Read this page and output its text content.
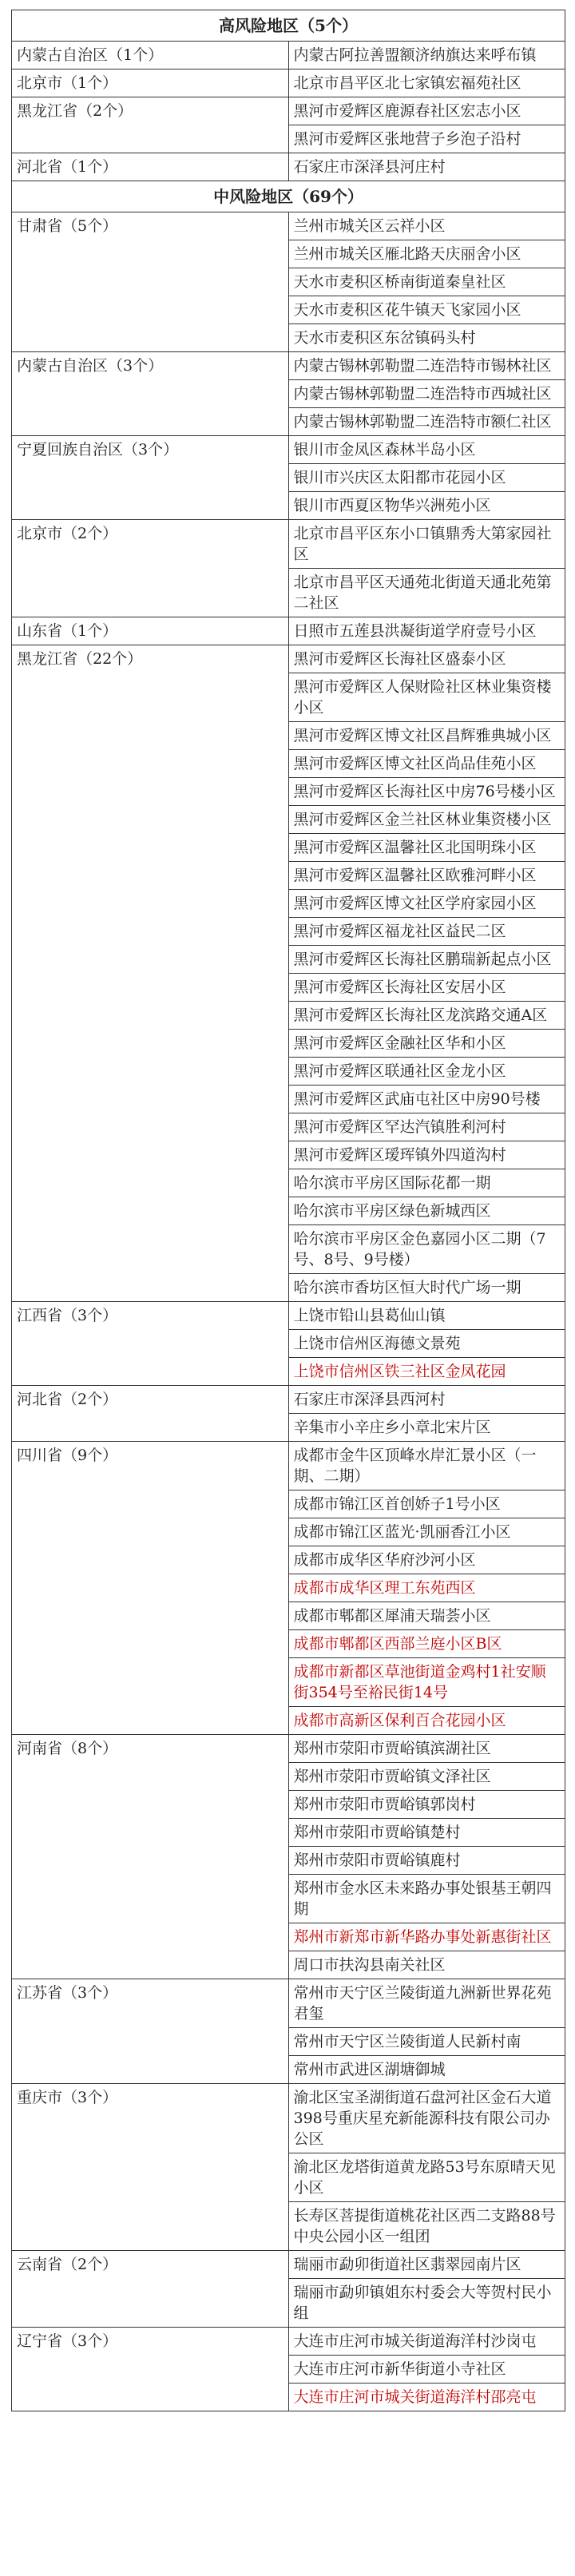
高风险地区（5个）	
内蒙古自治区（1个）	内蒙古阿拉善盟额济纳旗达来呼布镇
北京市（1个）	北京市昌平区北七家镇宏福苑社区
黑龙江省（2个）	黑河市爱辉区鹿源春社区宏志小区
	黑河市爱辉区张地营子乡泡子沿村
河北省（1个）	石家庄市深泽县河庄村
中风险地区（69个）	
甘肃省（5个）	兰州市城关区云祥小区
	兰州市城关区雁北路天庆丽舍小区
	天水市麦积区桥南街道秦皇社区
	天水市麦积区花牛镇天飞家园小区
	天水市麦积区东岔镇码头村
内蒙古自治区（3个）	内蒙古锡林郭勒盟二连浩特市锡林社区
	内蒙古锡林郭勒盟二连浩特市西城社区
	内蒙古锡林郭勒盟二连浩特市额仁社区
宁夏回族自治区（3个）	银川市金凤区森林半岛小区
	银川市兴庆区太阳都市花园小区
	银川市西夏区物华兴洲苑小区
北京市（2个）	北京市昌平区东小口镇鼎秀大第家园社区
	北京市昌平区天通苑北街道天通北苑第二社区
山东省（1个）	日照市五莲县洪凝街道学府壹号小区
黑龙江省（22个）	黑河市爱辉区长海社区盛泰小区
	黑河市爱辉区人保财险社区林业集资楼小区
	黑河市爱辉区博文社区昌辉雅典城小区
	黑河市爱辉区博文社区尚品佳苑小区
	黑河市爱辉区长海社区中房76号楼小区
	黑河市爱辉区金兰社区林业集资楼小区
	黑河市爱辉区温馨社区北国明珠小区
	黑河市爱辉区温馨社区欧雅河畔小区
	黑河市爱辉区博文社区学府家园小区
	黑河市爱辉区福龙社区益民二区
	黑河市爱辉区长海社区鹏瑞新起点小区
	黑河市爱辉区长海社区安居小区
	黑河市爱辉区长海社区龙滨路交通A区
	黑河市爱辉区金融社区华和小区
	黑河市爱辉区联通社区金龙小区
	黑河市爱辉区武庙屯社区中房90号楼
	黑河市爱辉区罕达汽镇胜利河村
	黑河市爱辉区瑷珲镇外四道沟村
	哈尔滨市平房区国际花都一期
	哈尔滨市平房区绿色新城西区
	哈尔滨市平房区金色嘉园小区二期（7号、8号、9号楼）
	哈尔滨市香坊区恒大时代广场一期
江西省（3个）	上饶市铅山县葛仙山镇
	上饶市信州区海德文景苑
	上饶市信州区铁三社区金凤花园
河北省（2个）	石家庄市深泽县西河村
	辛集市小辛庄乡小章北宋片区
四川省（9个）	成都市金牛区顶峰水岸汇景小区（一期、二期）
	成都市锦江区首创娇子1号小区
	成都市锦江区蓝光·凯丽香江小区
	成都市成华区华府沙河小区
	成都市成华区理工东苑西区
	成都市郫都区犀浦天瑞荟小区
	成都市郫都区西部兰庭小区B区
	成都市新都区草池街道金鸡村1社安顺街354号至裕民街14号
	成都市高新区保利百合花园小区
河南省（8个）	郑州市荥阳市贾峪镇滨湖社区
	郑州市荥阳市贾峪镇文泽社区
	郑州市荥阳市贾峪镇郭岗村
	郑州市荥阳市贾峪镇楚村
	郑州市荥阳市贾峪镇鹿村
	郑州市金水区未来路办事处银基王朝四期
	郑州市新郑市新华路办事处新惠街社区
	周口市扶沟县南关社区
江苏省（3个）	常州市天宁区兰陵街道九洲新世界花苑君玺
	常州市天宁区兰陵街道人民新村南
	常州市武进区湖塘御城
重庆市（3个）	渝北区宝圣湖街道石盘河社区金石大道398号重庆星充新能源科技有限公司办公区
	渝北区龙塔街道黄龙路53号东原晴天见小区
	长寿区菩提街道桃花社区西二支路88号中央公园小区一组团
云南省（2个）	瑞丽市勐卯街道社区翡翠园南片区
	瑞丽市勐卯镇姐东村委会大等贺村民小组
辽宁省（3个）	大连市庄河市城关街道海洋村沙岗屯
	大连市庄河市新华街道小寺社区
	大连市庄河市城关街道海洋村邵亮屯
